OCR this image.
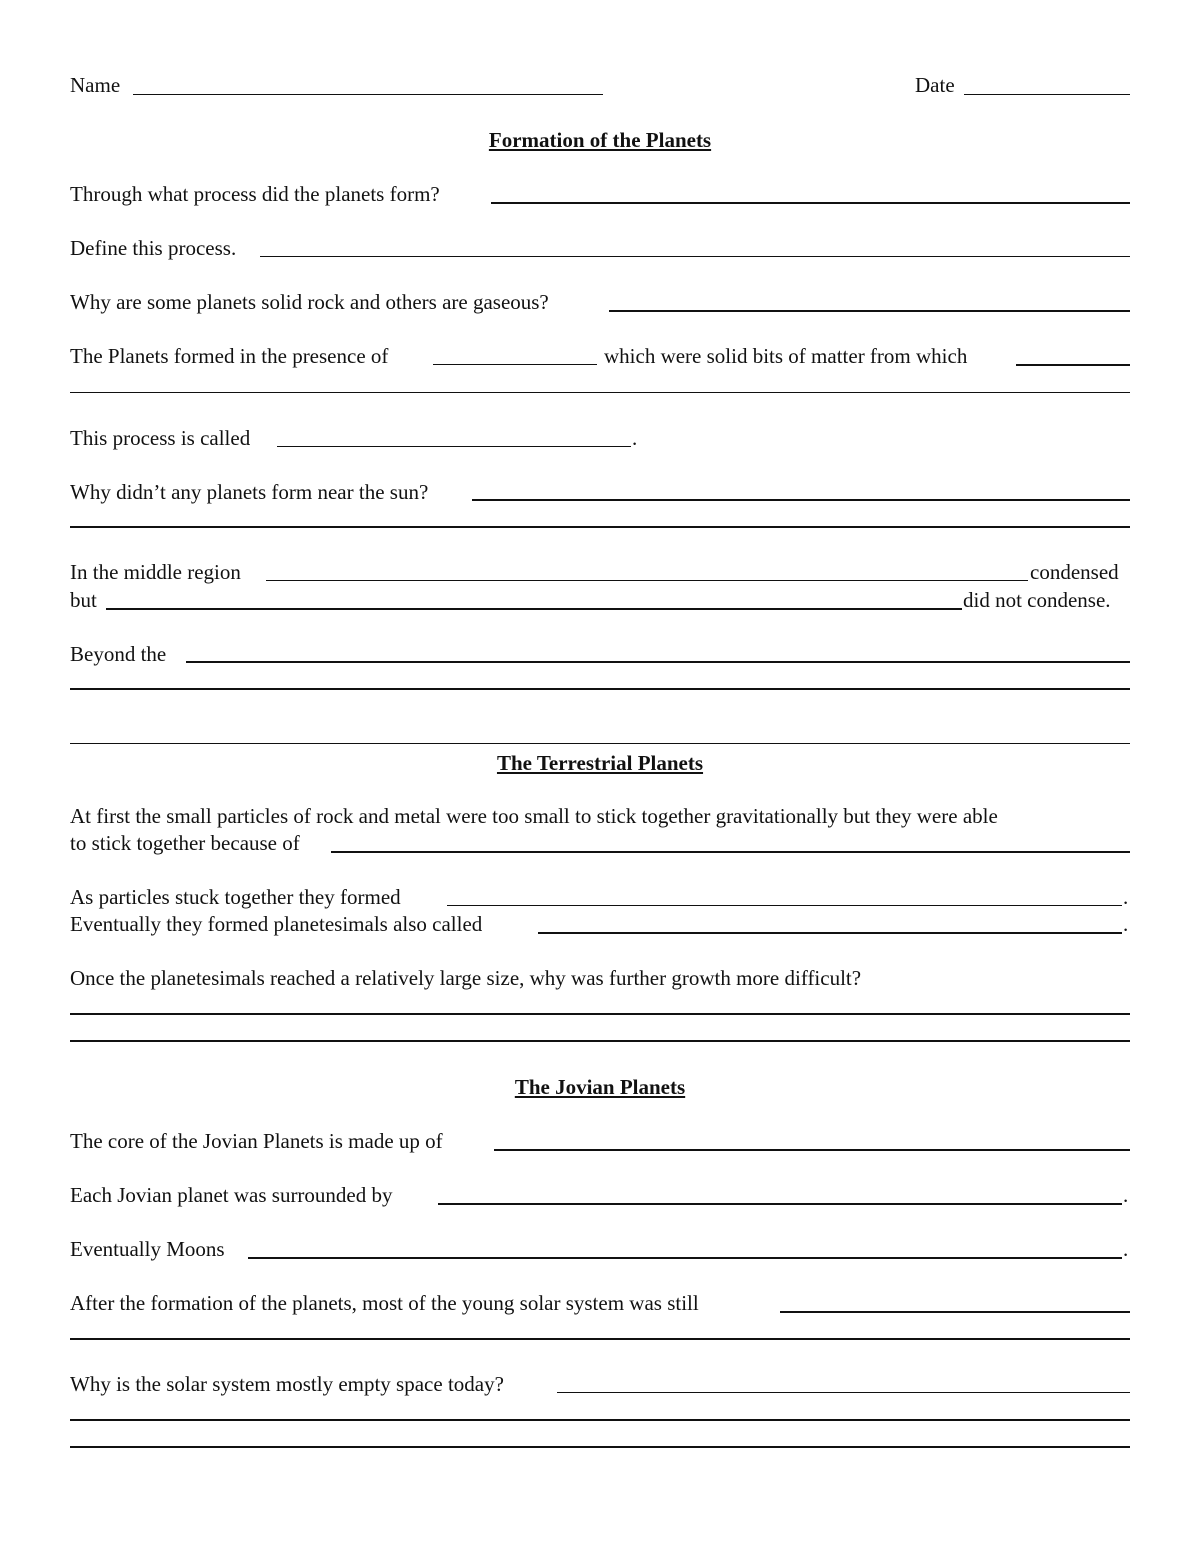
Name	Date
Formation of the Planets
Through what process did the planets form?
Define this process.
Why are some planets solid rock and others are gaseous?
The Planets formed in the presence of	which were solid bits of matter from which
This process is called	.
Why didn’t any planets form near the sun?
In the middle region	condensed
but	did not condense.
Beyond the
The Terrestrial Planets
At first the small particles of rock and metal were too small to stick together gravitationally but they were able
to stick together because of
As particles stuck together they formed	.
Eventually they formed planetesimals also called	.
Once the planetesimals reached a relatively large size, why was further growth more difficult?
The Jovian Planets
The core of the Jovian Planets is made up of
Each Jovian planet was surrounded by	.
Eventually Moons	.
After the formation of the planets, most of the young solar system was still
Why is the solar system mostly empty space today?
